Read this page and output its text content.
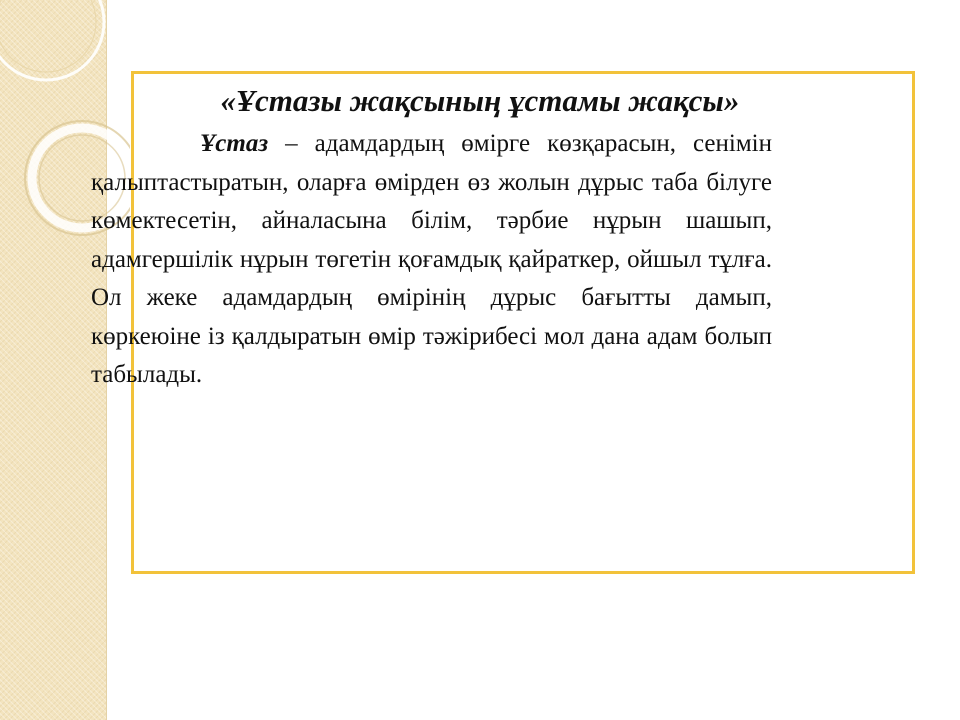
«Ұстазы жақсының ұстамы жақсы»

Ұстаз – адамдардың өмірге көзқарасын, сенімін қалыптастыратын, оларға өмірден өз жолын дұрыс таба білуге көмектесетін, айналасына білім, тәрбие нұрын шашып, адамгершілік нұрын төгетін қоғамдық қайраткер, ойшыл тұлға. Ол жеке адамдардың өмірінің дұрыс бағытты дамып, көркеюіне із қалдыратын өмір тәжірибесі мол дана адам болып табылады.
